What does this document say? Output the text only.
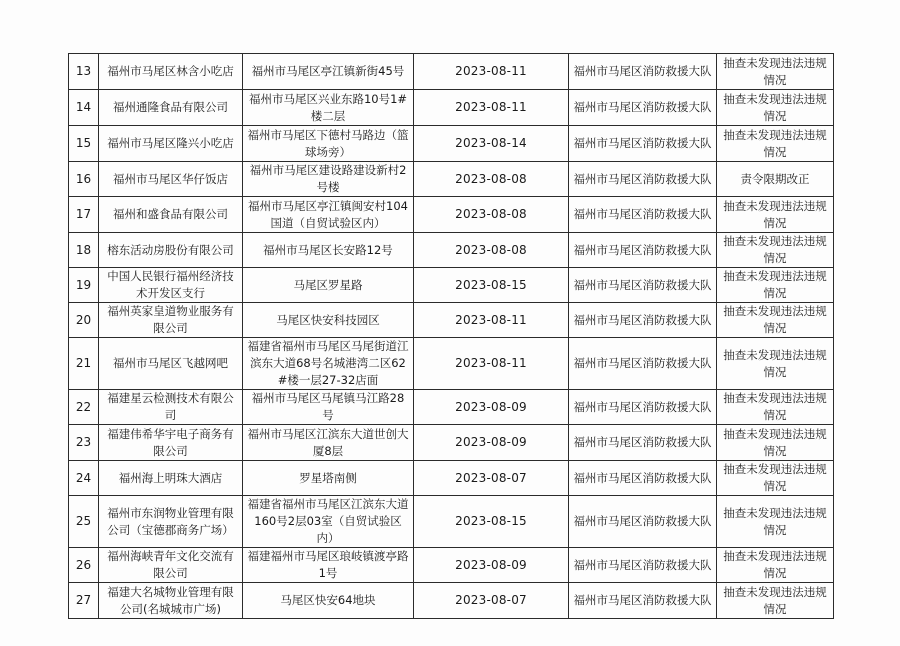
13	福州市马尾区林含小吃店	福州市马尾区亭江镇新街45号	2023-08-11	福州市马尾区消防救援大队	抽查未发现违法违规情况
14	福州通隆食品有限公司	福州市马尾区兴业东路10号1#楼二层	2023-08-11	福州市马尾区消防救援大队	抽查未发现违法违规情况
15	福州市马尾区隆兴小吃店	福州市马尾区下德村马路边（篮球场旁）	2023-08-14	福州市马尾区消防救援大队	抽查未发现违法违规情况
16	福州市马尾区华仔饭店	福州市马尾区建设路建设新村2号楼	2023-08-08	福州市马尾区消防救援大队	责令限期改正
17	福州和盛食品有限公司	福州市马尾区亭江镇闽安村104国道（自贸试验区内）	2023-08-08	福州市马尾区消防救援大队	抽查未发现违法违规情况
18	榕东活动房股份有限公司	福州市马尾区长安路12号	2023-08-08	福州市马尾区消防救援大队	抽查未发现违法违规情况
19	中国人民银行福州经济技术开发区支行	马尾区罗星路	2023-08-15	福州市马尾区消防救援大队	抽查未发现违法违规情况
20	福州英家皇道物业服务有限公司	马尾区快安科技园区	2023-08-11	福州市马尾区消防救援大队	抽查未发现违法违规情况
21	福州市马尾区飞越网吧	福建省福州市马尾区马尾街道江滨东大道68号名城港湾二区62#楼一层27-32店面	2023-08-11	福州市马尾区消防救援大队	抽查未发现违法违规情况
22	福建星云检测技术有限公司	福州市马尾区马尾镇马江路28号	2023-08-09	福州市马尾区消防救援大队	抽查未发现违法违规情况
23	福建伟希华宇电子商务有限公司	福州市马尾区江滨东大道世创大厦8层	2023-08-09	福州市马尾区消防救援大队	抽查未发现违法违规情况
24	福州海上明珠大酒店	罗星塔南侧	2023-08-07	福州市马尾区消防救援大队	抽查未发现违法违规情况
25	福州市东润物业管理有限公司（宝德郡商务广场）	福建省福州市马尾区江滨东大道160号2层03室（自贸试验区内）	2023-08-15	福州市马尾区消防救援大队	抽查未发现违法违规情况
26	福州海峡青年文化交流有限公司	福建福州市马尾区琅岐镇渡亭路1号	2023-08-09	福州市马尾区消防救援大队	抽查未发现违法违规情况
27	福建大名城物业管理有限公司(名城城市广场)	马尾区快安64地块	2023-08-07	福州市马尾区消防救援大队	抽查未发现违法违规情况
